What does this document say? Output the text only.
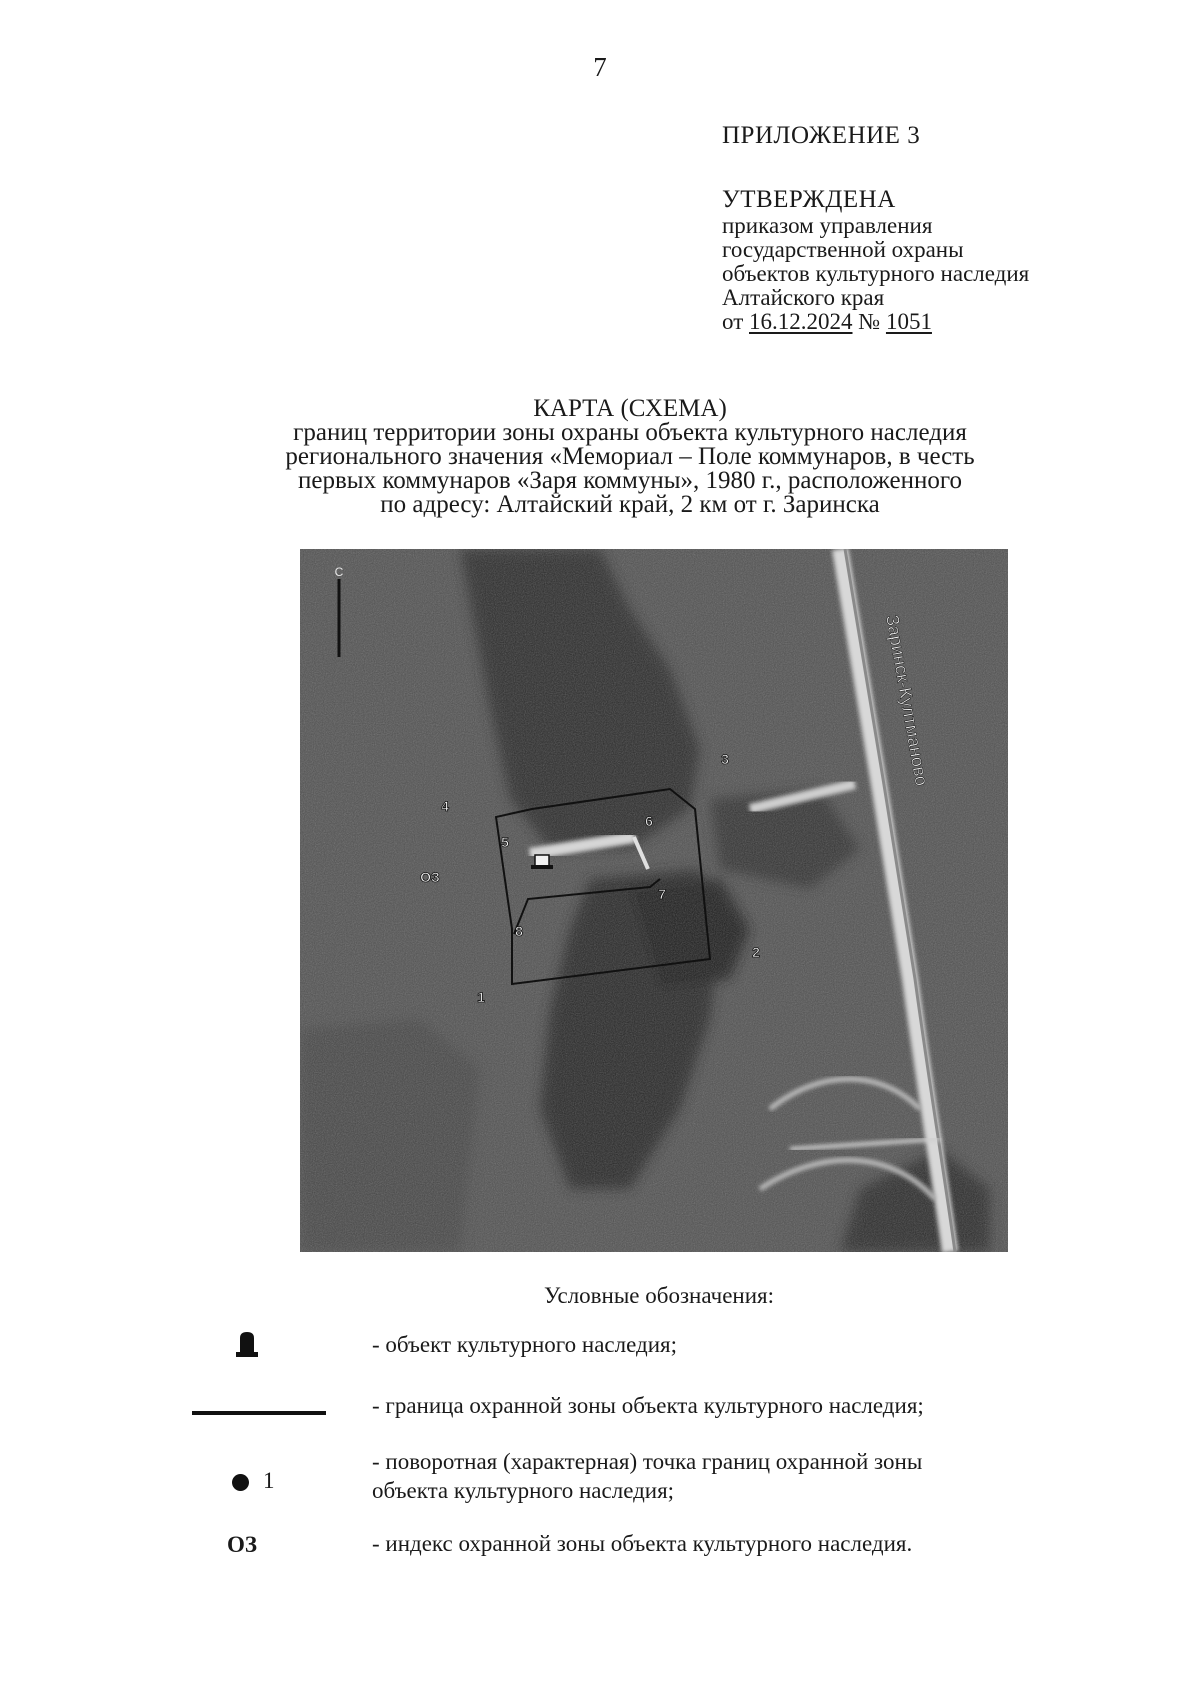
7
ПРИЛОЖЕНИЕ 3
УТВЕРЖДЕНА
приказом управления
государственной охраны
объектов культурного наследия
Алтайского края
от 16.12.2024 № 1051
КАРТА (СХЕМА)
границ территории зоны охраны объекта культурного наследия
регионального значения «Мемориал – Поле коммунаров, в честь
первых коммунаров «Заря коммуны», 1980 г., расположенного
по адресу: Алтайский край, 2 км от г. Заринска
С
Заринск-Култманово
1
2
3
4
5
6
7
8
ОЗ
Условные обозначения:
- объект культурного наследия;
- граница охранной зоны объекта культурного наследия;
1
- поворотная (характерная) точка границ охранной зоны
объекта культурного наследия;
ОЗ	- индекс охранной зоны объекта культурного наследия.
